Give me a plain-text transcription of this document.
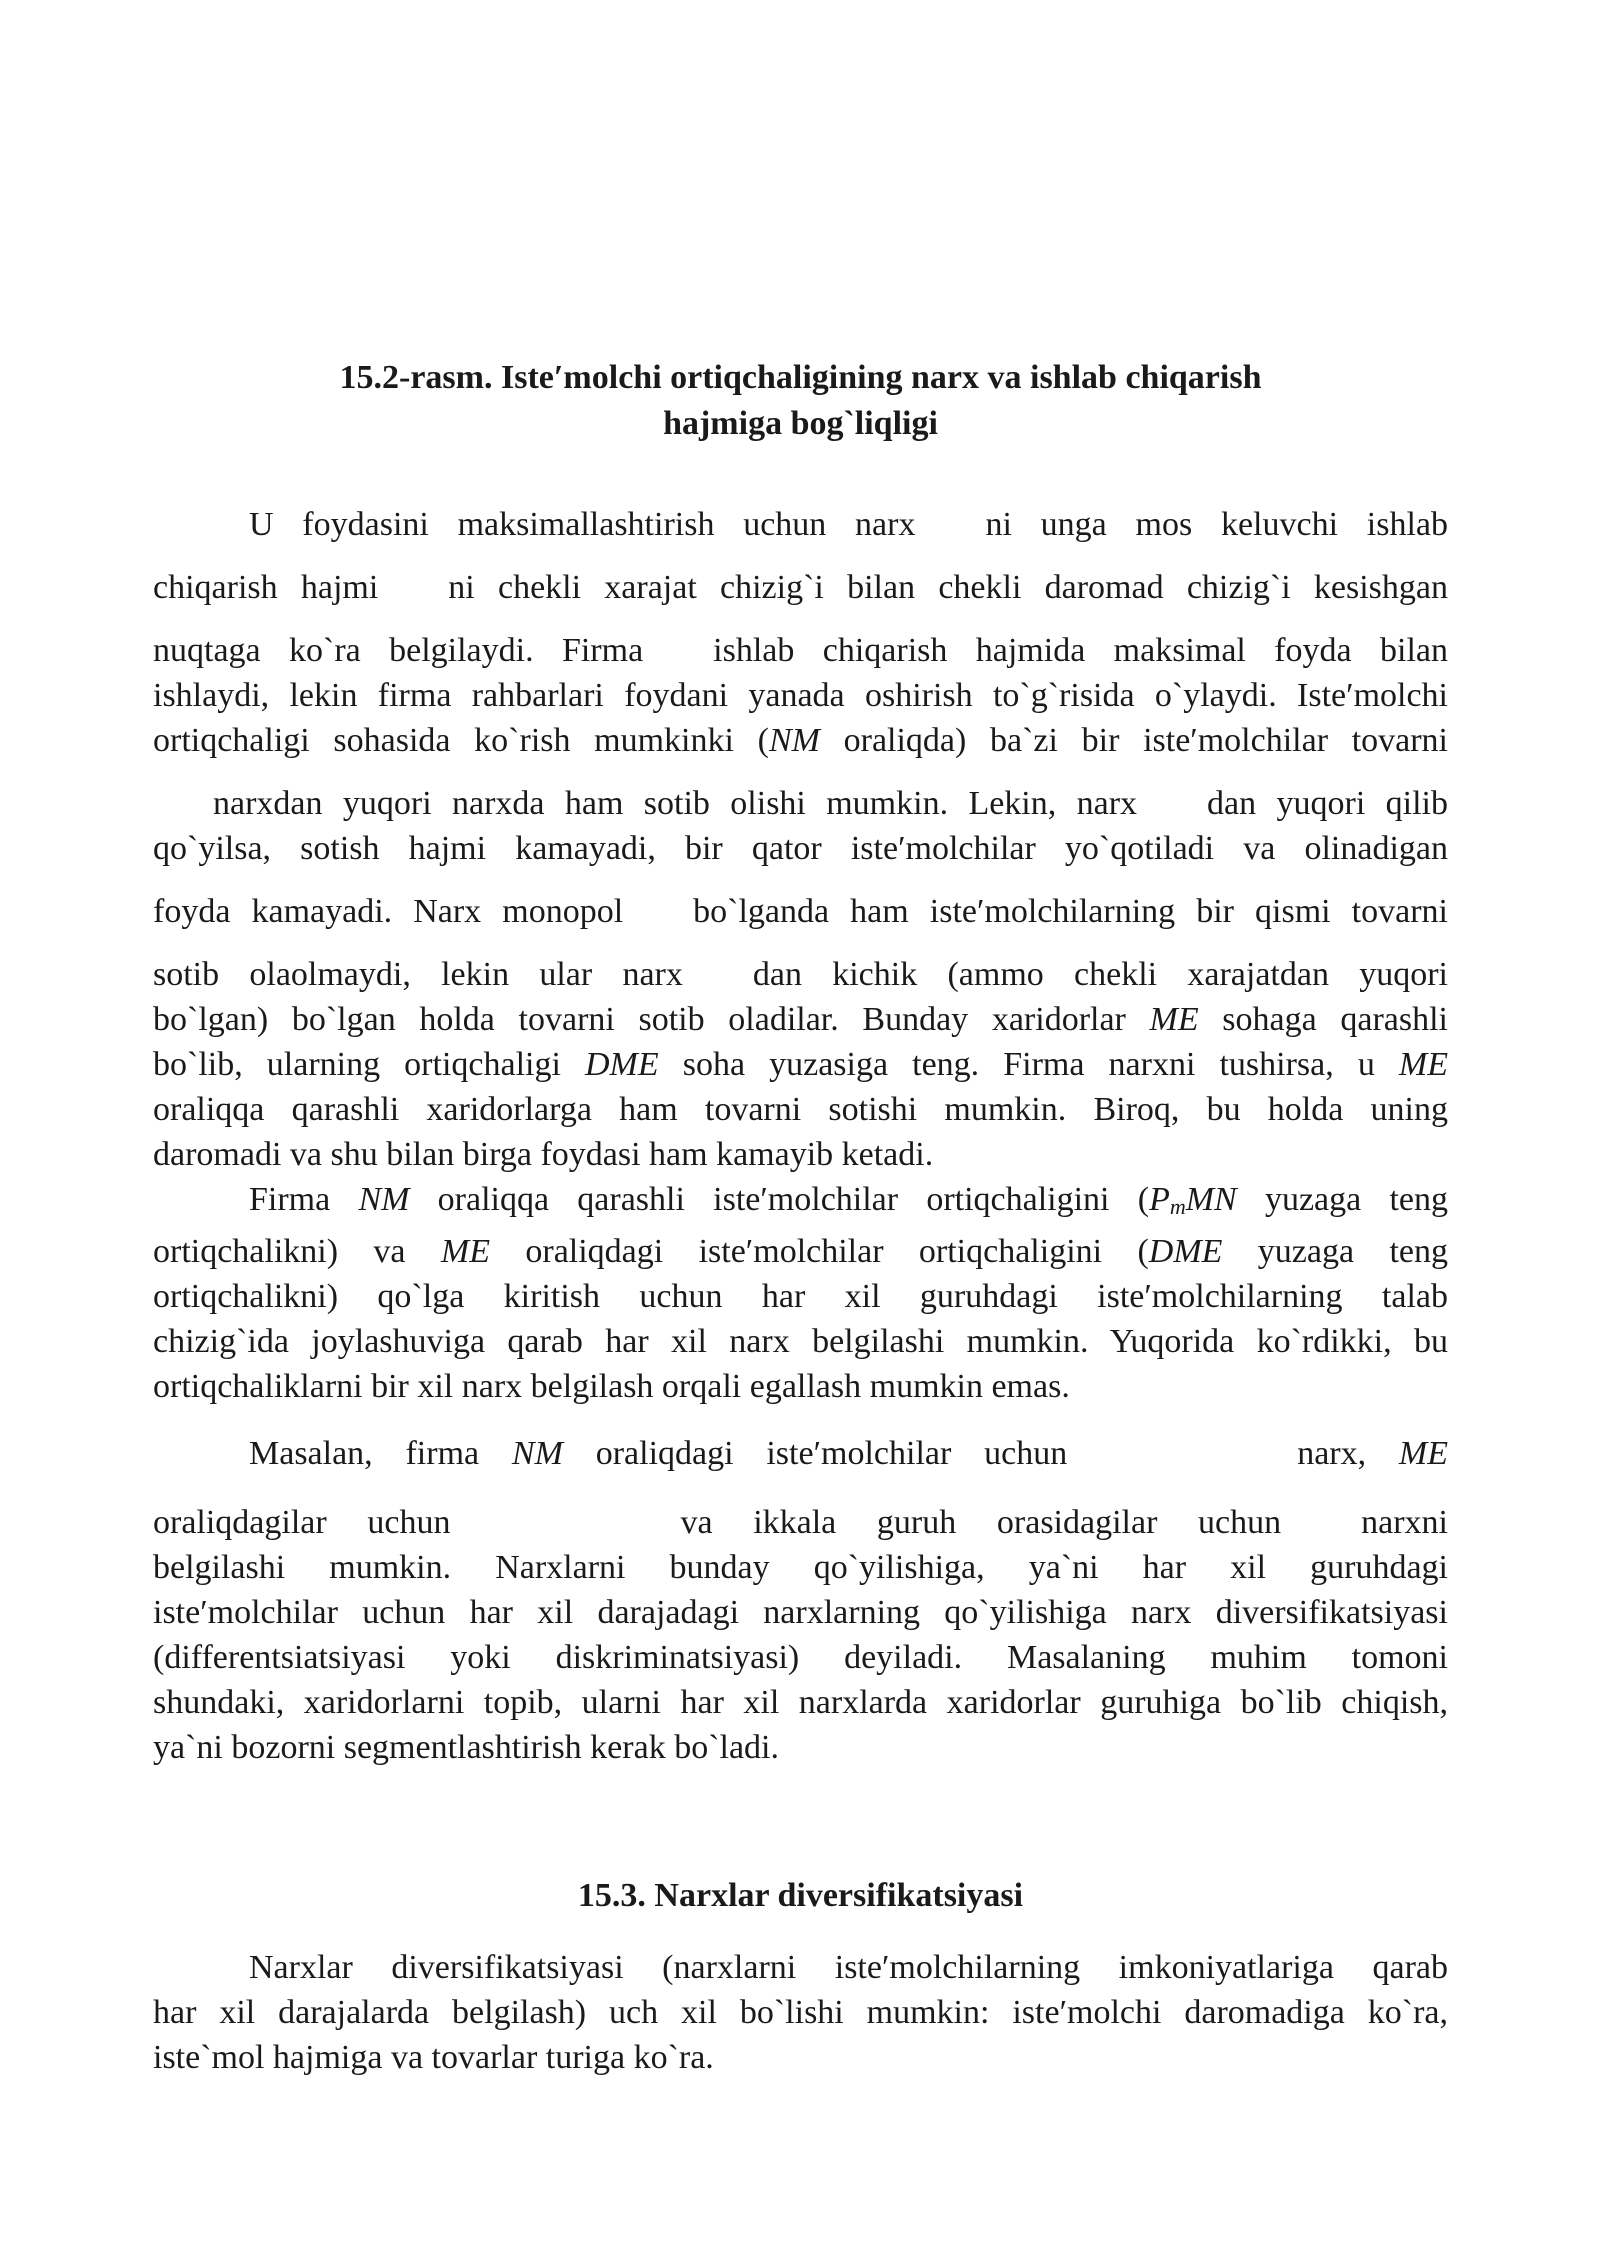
15.2-rasm. Iste′molchi ortiqchaligining narx va ishlab chiqarish

hajmiga bog`liqligi

U foydasini maksimallashtirish uchun narx ni unga mos keluvchi ishlab

chiqarish hajmi ni chekli xarajat chizig`i bilan chekli daromad chizig`i kesishgan

nuqtaga ko`ra belgilaydi. Firma ishlab chiqarish hajmida maksimal foyda bilan

ishlaydi, lekin firma rahbarlari foydani yanada oshirish to`g`risida o`ylaydi. Iste′molchi

ortiqchaligi sohasida ko`rish mumkinki (NM oraliqda) ba`zi bir iste′molchilar tovarni

narxdan yuqori narxda ham sotib olishi mumkin. Lekin, narx dan yuqori qilib

qo`yilsa, sotish hajmi kamayadi, bir qator iste′molchilar yo`qotiladi va olinadigan

foyda kamayadi. Narx monopol bo`lganda ham iste′molchilarning bir qismi tovarni

sotib olaolmaydi, lekin ular narx dan kichik (ammo chekli xarajatdan yuqori

bo`lgan) bo`lgan holda tovarni sotib oladilar. Bunday xaridorlar ME sohaga qarashli

bo`lib, ularning ortiqchaligi DME soha yuzasiga teng. Firma narxni tushirsa, u ME

oraliqqa qarashli xaridorlarga ham tovarni sotishi mumkin. Biroq, bu holda uning

daromadi va shu bilan birga foydasi ham kamayib ketadi.

Firma NM oraliqqa qarashli iste′molchilar ortiqchaligini (PmMN yuzaga teng

ortiqchalikni) va ME oraliqdagi iste′molchilar ortiqchaligini (DME yuzaga teng

ortiqchalikni) qo`lga kiritish uchun har xil guruhdagi iste′molchilarning talab

chizig`ida joylashuviga qarab har xil narx belgilashi mumkin. Yuqorida ko`rdikki, bu

ortiqchaliklarni bir xil narx belgilash orqali egallash mumkin emas.

Masalan, firma NM oraliqdagi iste′molchilar uchun	narx, ME

oraliqdagilar uchun	va ikkala guruh orasidagilar uchun narxni

belgilashi mumkin. Narxlarni bunday qo`yilishiga, ya`ni har xil guruhdagi

iste′molchilar uchun har xil darajadagi narxlarning qo`yilishiga narx diversifikatsiyasi

(differentsiatsiyasi yoki diskriminatsiyasi) deyiladi. Masalaning muhim tomoni

shundaki, xaridorlarni topib, ularni har xil narxlarda xaridorlar guruhiga bo`lib chiqish,

ya`ni bozorni segmentlashtirish kerak bo`ladi.

15.3. Narxlar diversifikatsiyasi

Narxlar diversifikatsiyasi (narxlarni iste′molchilarning imkoniyatlariga qarab

har xil darajalarda belgilash) uch xil bo`lishi mumkin: iste′molchi daromadiga ko`ra,

iste`mol hajmiga va tovarlar turiga ko`ra.
